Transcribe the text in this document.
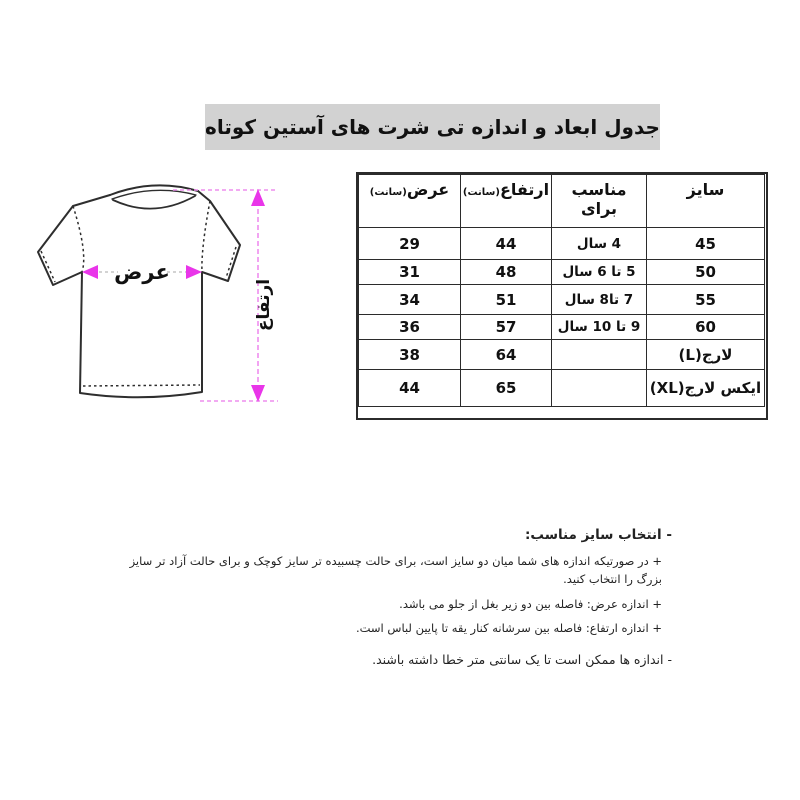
جدول ابعاد و اندازه تی شرت های آستین کوتاه
عرض
ارتفاع
سایز	مناسب برای	ارتفاع(سانت)	عرض(سانت)
45	4 سال	44	29
50	5 تا 6 سال	48	31
55	7 تا8 سال	51	34
60	9 تا 10 سال	57	36
لارج(L)		64	38
ایکس لارج(XL)		65	44

- انتخاب سایز مناسب:

+ در صورتیکه اندازه های شما میان دو سایز است، برای حالت چسبیده تر سایز کوچک و برای حالت آزاد تر سایز بزرگ را انتخاب کنید.

+ اندازه عرض: فاصله بین دو زیر بغل از جلو می باشد.

+ اندازه ارتفاع: فاصله بین سرشانه کنار یقه تا پایین لباس است.

- اندازه ها ممکن است تا یک سانتی متر خطا داشته باشند.
